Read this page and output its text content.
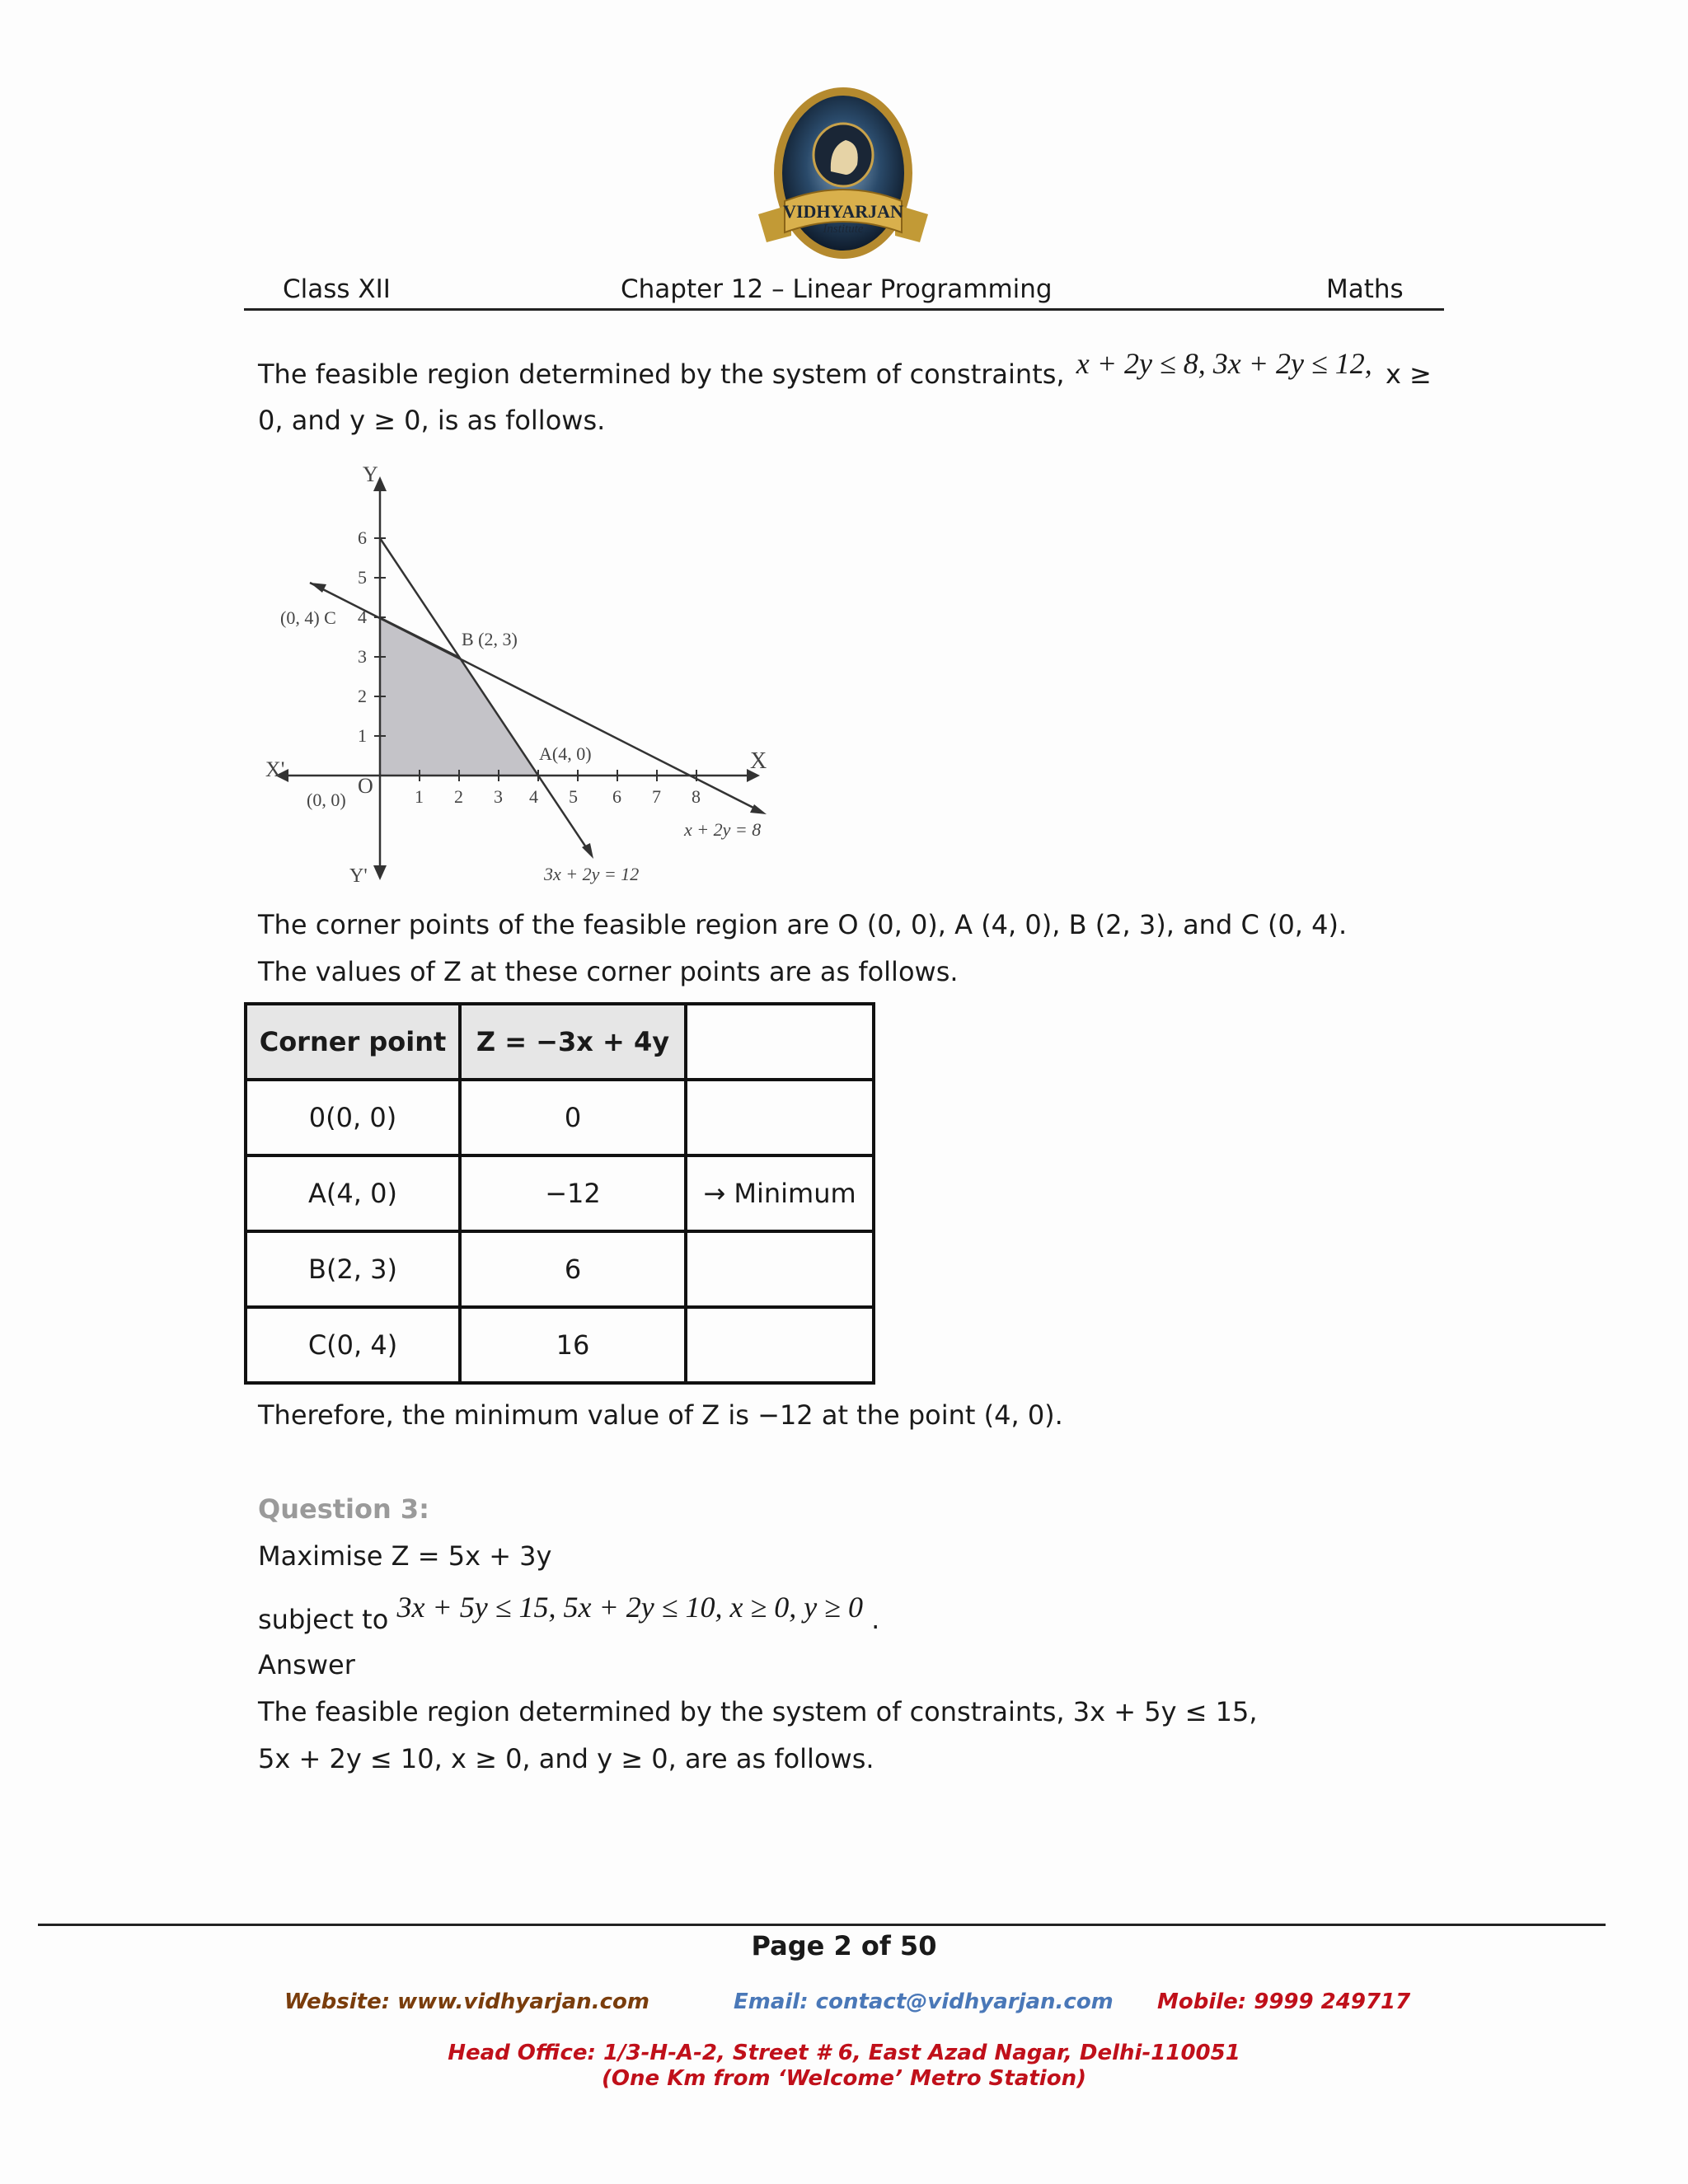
VIDHYARJAN
Institute
Class XII	Chapter 12 – Linear Programming	Maths
The feasible region determined by the system of constraints, x + 2y ≤ 8, 3x + 2y ≤ 12, x ≥
0, and y ≥ 0, is as follows.
1 2 3 4 5 6 7 8
1
2
3
4
5
6
Y
Y'
X
X'
O
(0, 0)
(0, 4) C
B (2, 3)
A(4, 0)
x + 2y = 8
3x + 2y = 12
The corner points of the feasible region are O (0, 0), A (4, 0), B (2, 3), and C (0, 4).
The values of Z at these corner points are as follows.
Corner point	Z = −3x + 4y	
0(0, 0)	0	
A(4, 0)	−12	→ Minimum
B(2, 3)	6	
C(0, 4)	16	
Therefore, the minimum value of Z is −12 at the point (4, 0).
Question 3:
Maximise Z = 5x + 3y
subject to 3x + 5y ≤ 15, 5x + 2y ≤ 10, x ≥ 0, y ≥ 0 .
Answer
The feasible region determined by the system of constraints, 3x + 5y ≤ 15,
5x + 2y ≤ 10, x ≥ 0, and y ≥ 0, are as follows.
Page 2 of 50
Website: www.vidhyarjan.com	Email: contact@vidhyarjan.com Mobile: 9999 249717
Head Office: 1/3-H-A-2, Street # 6, East Azad Nagar, Delhi-110051
(One Km from ‘Welcome’ Metro Station)
